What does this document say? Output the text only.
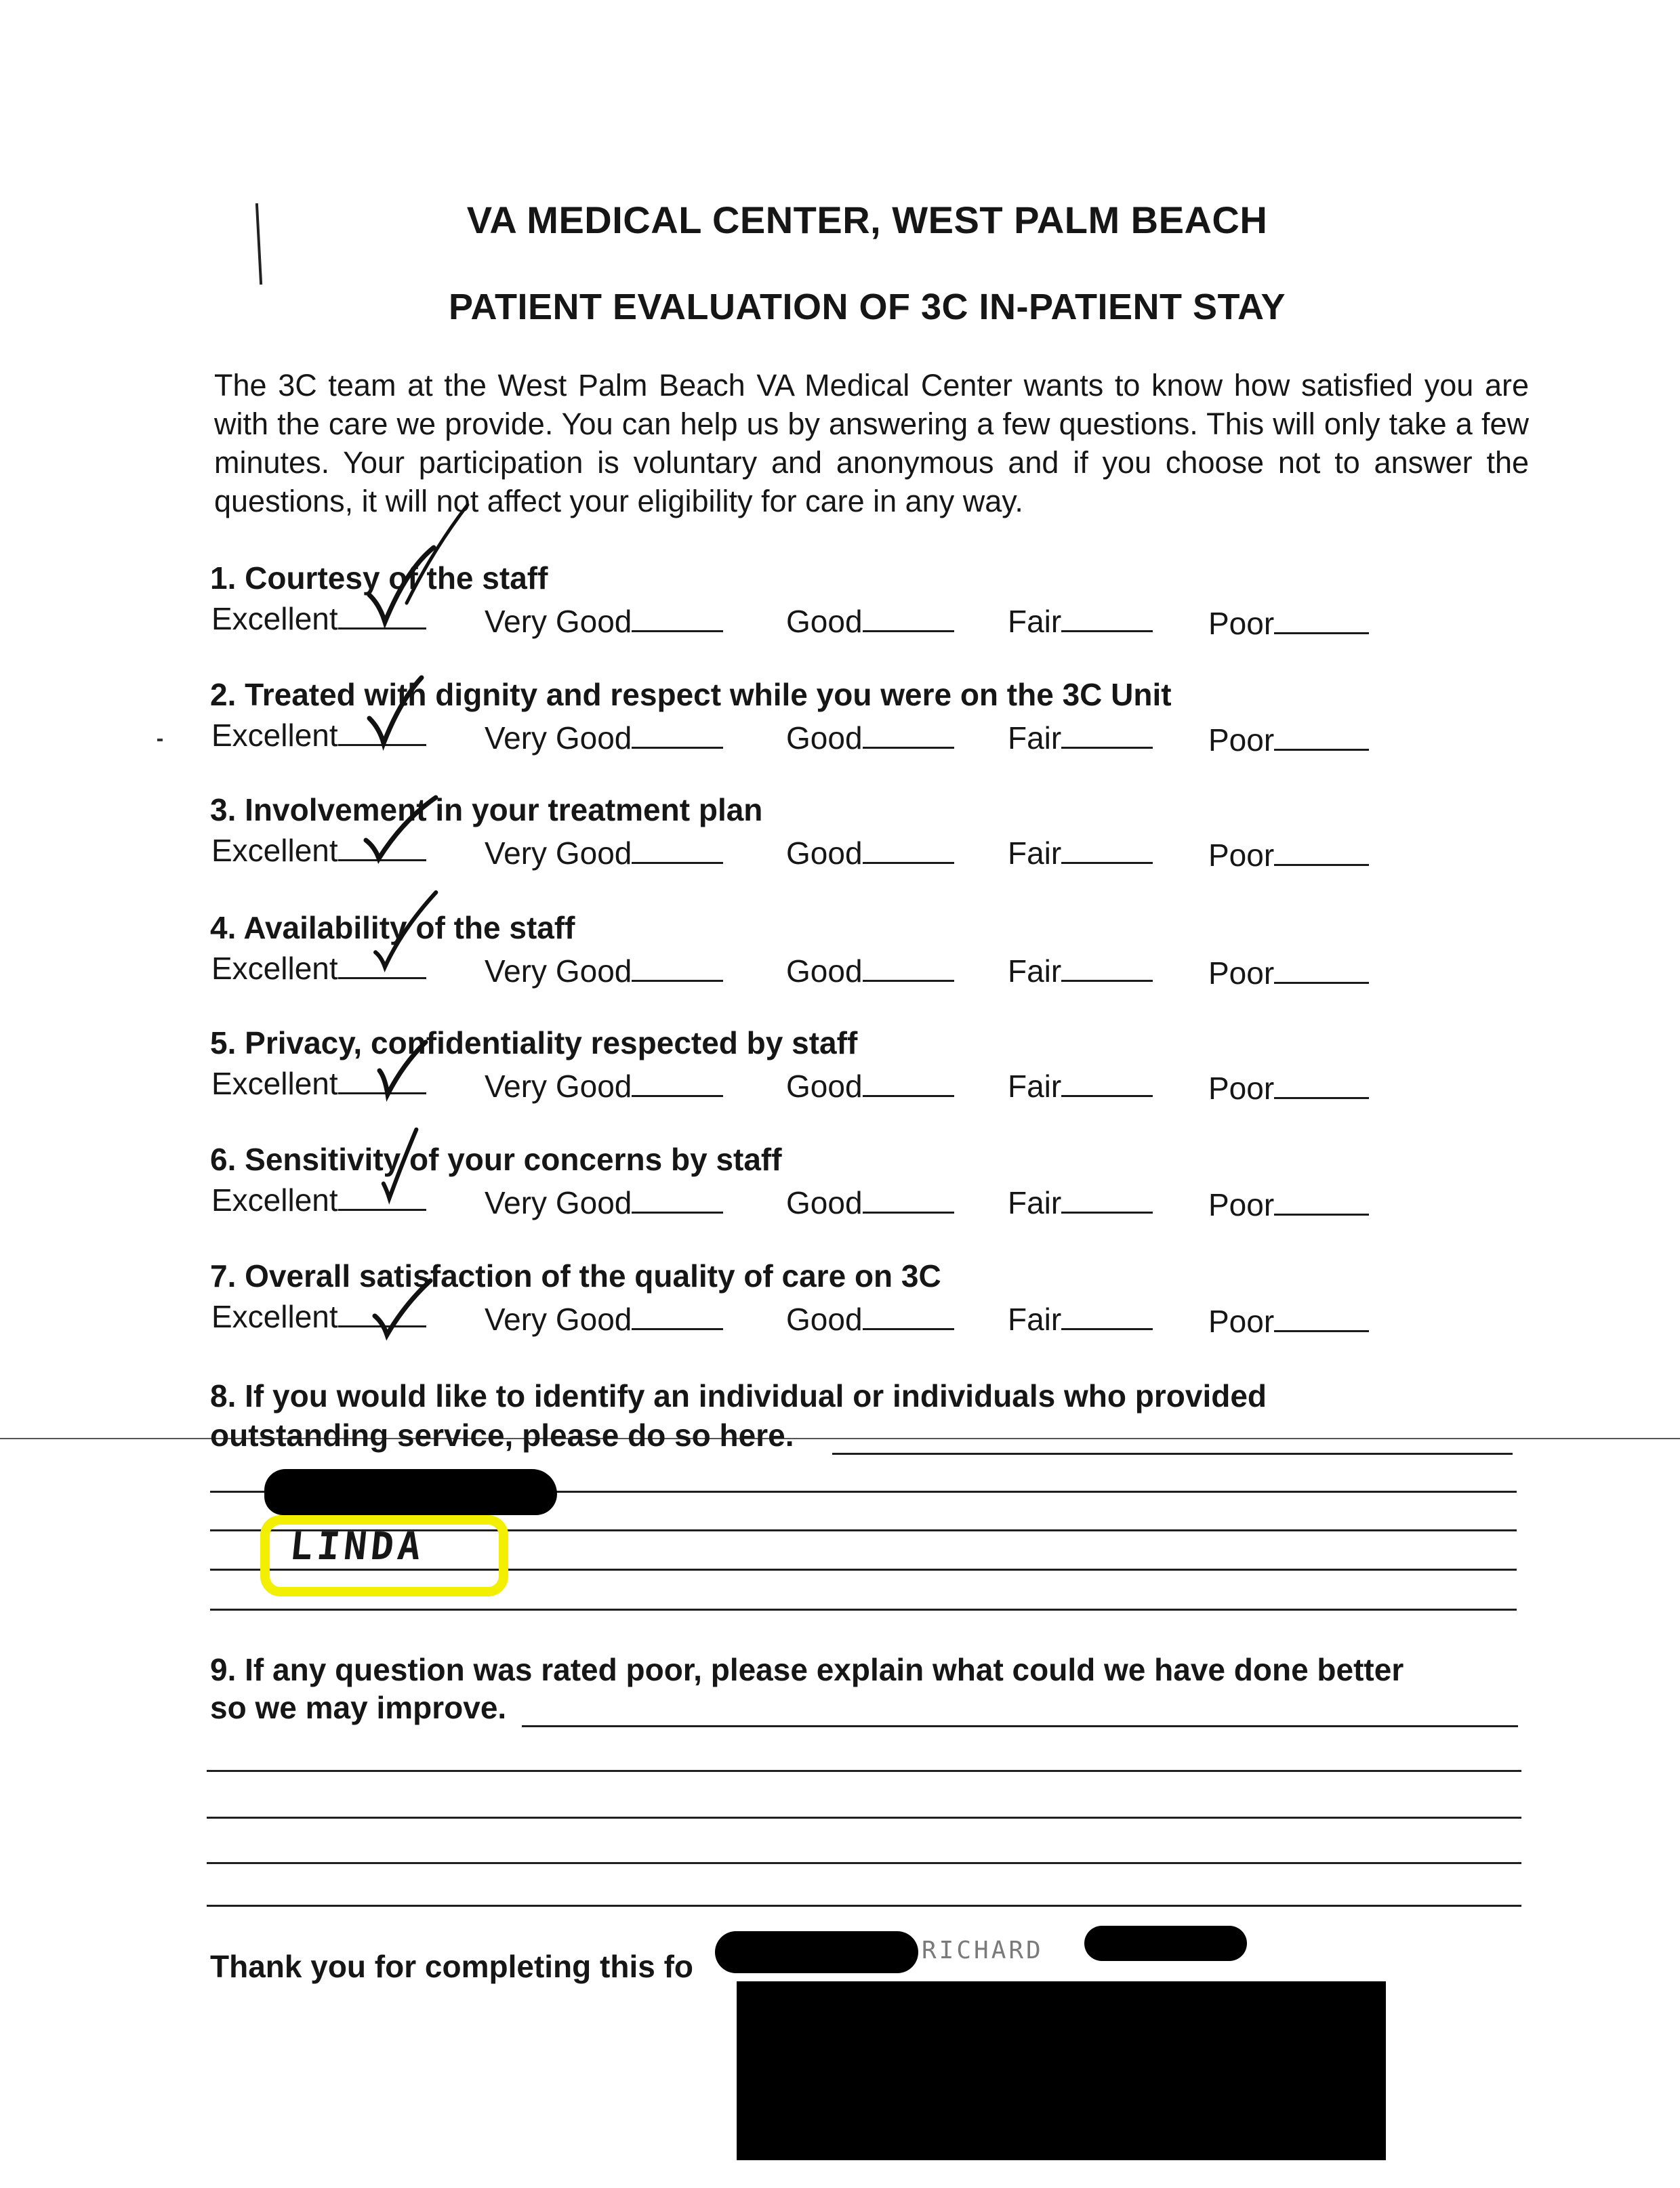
VA MEDICAL CENTER, WEST PALM BEACH
PATIENT EVALUATION OF 3C IN-PATIENT STAY
The 3C team at the West Palm Beach VA Medical Center wants to know how satisfied you are with the care we provide. You can help us by answering a few questions. This will only take a few minutes. Your participation is voluntary and anonymous and if you choose not to answer the questions, it will not affect your eligibility for care in any way.
1. Courtesy of the staff
Excellent	Very Good	Good	Fair	Poor
2. Treated with dignity and respect while you were on the 3C Unit
Excellent	Very Good	Good	Fair	Poor
3. Involvement in your treatment plan
Excellent	Very Good	Good	Fair	Poor
4. Availability of the staff
Excellent	Very Good	Good	Fair	Poor
5. Privacy, confidentiality respected by staff
Excellent	Very Good	Good	Fair	Poor
6. Sensitivity of your concerns by staff
Excellent	Very Good	Good	Fair	Poor
7. Overall satisfaction of the quality of care on 3C
Excellent	Very Good	Good	Fair	Poor
8. If you would like to identify an individual or individuals who provided
outstanding service, please do so here.
LINDA
9. If any question was rated poor, please explain what could we have done better
so we may improve.
Thank you for completing this fo	RICHARD
